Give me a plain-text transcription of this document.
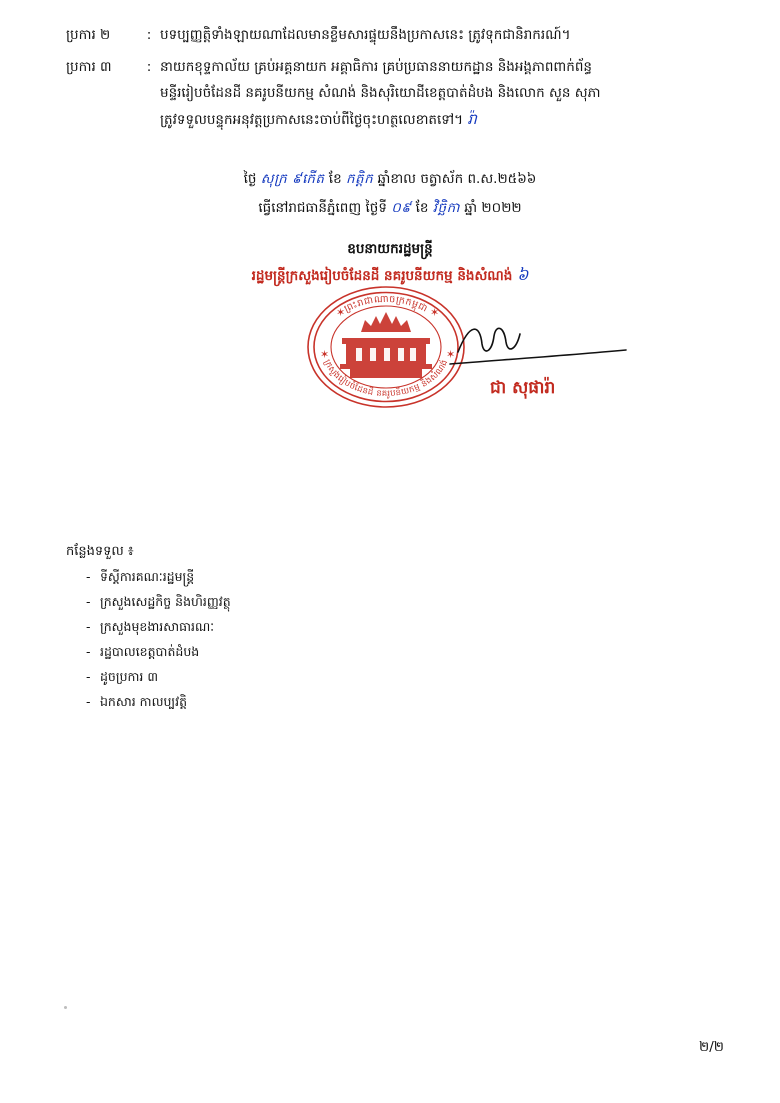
ប្រការ ២	: បទប្បញ្ញត្តិទាំងឡាយណាដែលមានខ្លឹមសារផ្ទុយនឹងប្រកាសនេះ ត្រូវទុកជានិរាករណ៍។
ប្រការ ៣	: នាយកខុទ្ទកាល័យ គ្រប់អគ្គនាយក អគ្គាធិការ គ្រប់ប្រធាននាយកដ្ឋាន និងអង្គភាពពាក់ព័ន្ធ
មន្ទីររៀបចំដែនដី នគរូបនីយកម្ម សំណង់ និងសុរិយោដីខេត្តបាត់ដំបង និងលោក សួន សុភា
ត្រូវទទួលបន្ទុកអនុវត្តប្រកាសនេះចាប់ពីថ្ងៃចុះហត្ថលេខាតទៅ។ រ៉ា
ថ្ងៃ សុក្រ ៩កើត ខែ កត្តិក ឆ្នាំខាល ចត្វាស័ក ព.ស.២៥៦៦
ធ្វើនៅរាជធានីភ្នំពេញ ថ្ងៃទី ០៩ ខែ វិច្ឆិកា ឆ្នាំ ២០២២
ឧបនាយករដ្ឋមន្ត្រី
រដ្ឋមន្ត្រីក្រសួងរៀបចំដែនដី នគរូបនីយកម្ម និងសំណង់ ៦
✶	✶
✶	✶
ព្រះរាជាណាចក្រកម្ពុជា
ក្រសួងរៀបចំដែនដី នគរូបនីយកម្ម និងសំណង់
ជា សុផារ៉ា
កន្លែងទទួល ៖
- ទីស្តីការគណៈរដ្ឋមន្ត្រី
- ក្រសួងសេដ្ឋកិច្ច និងហិរញ្ញវត្ថុ
- ក្រសួងមុខងារសាធារណៈ
- រដ្ឋបាលខេត្តបាត់ដំបង
- ដូចប្រការ ៣
- ឯកសារ កាលប្បវត្តិ
២/២
